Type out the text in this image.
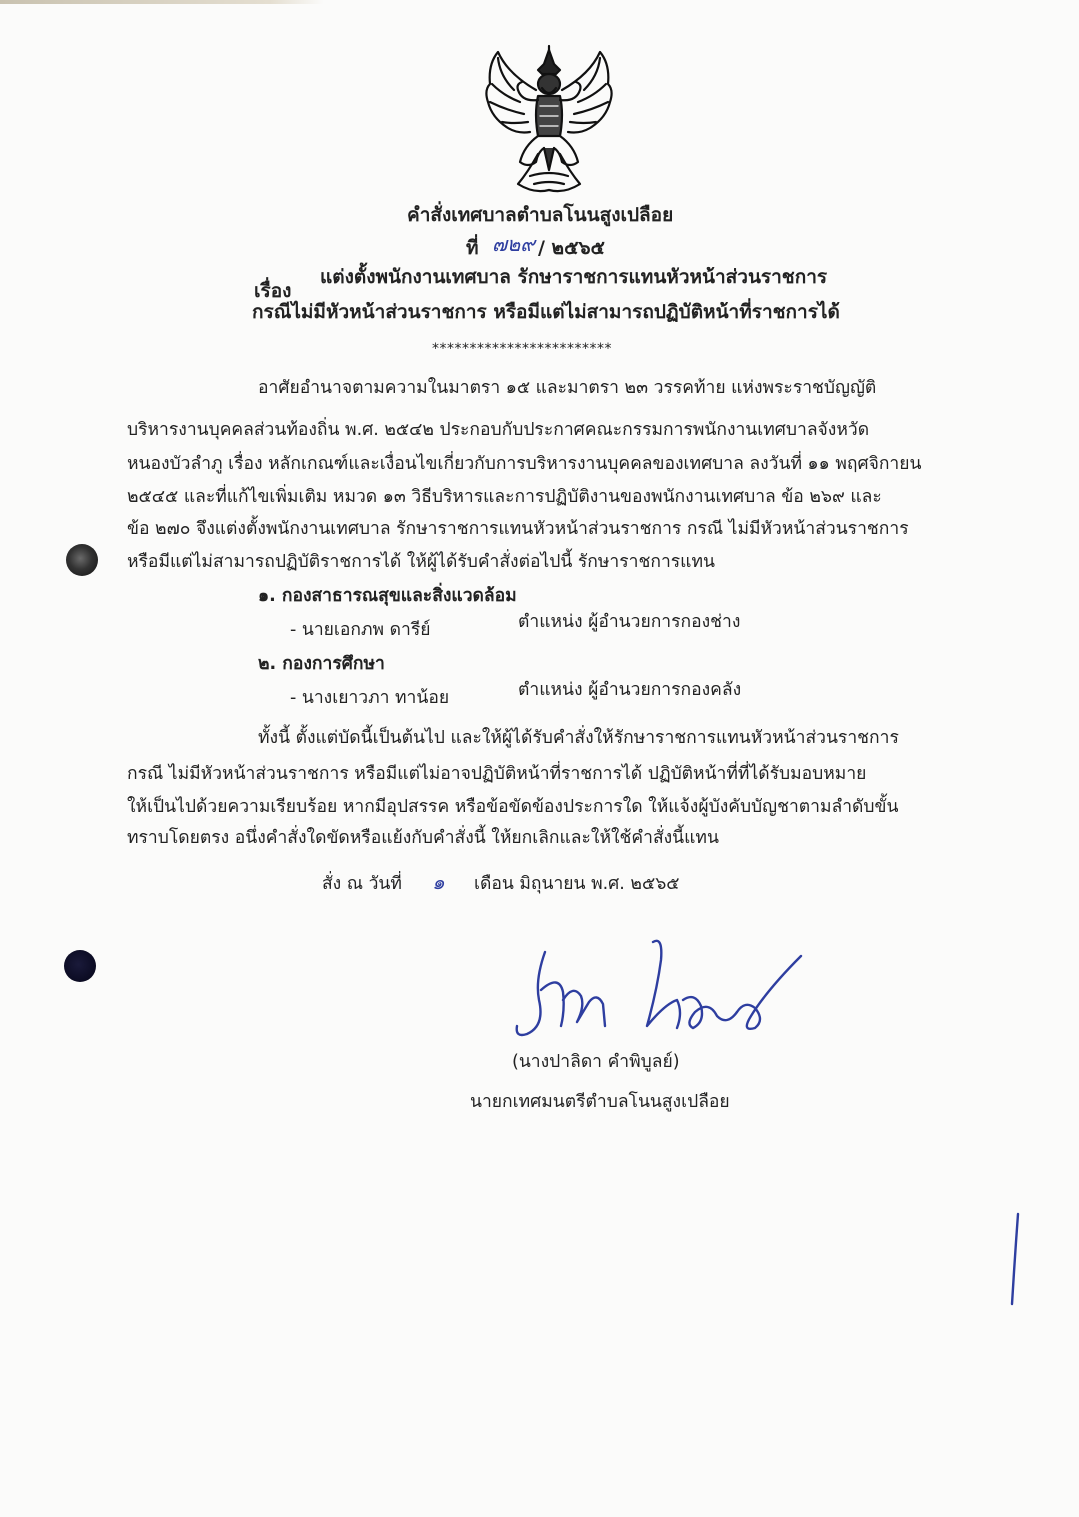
คำสั่งเทศบาลตำบลโนนสูงเปลือย
ที่ ๗๒๙ / ๒๕๖๕
เรื่อง
แต่งตั้งพนักงานเทศบาล รักษาราชการแทนหัวหน้าส่วนราชการ
กรณีไม่มีหัวหน้าส่วนราชการ หรือมีแต่ไม่สามารถปฏิบัติหน้าที่ราชการได้
************************
อาศัยอำนาจตามความในมาตรา ๑๕ และมาตรา ๒๓ วรรคท้าย แห่งพระราชบัญญัติ
บริหารงานบุคคลส่วนท้องถิ่น พ.ศ. ๒๕๔๒ ประกอบกับประกาศคณะกรรมการพนักงานเทศบาลจังหวัด
หนองบัวลำภู เรื่อง หลักเกณฑ์และเงื่อนไขเกี่ยวกับการบริหารงานบุคคลของเทศบาล ลงวันที่ ๑๑ พฤศจิกายน
๒๕๔๕ และที่แก้ไขเพิ่มเติม หมวด ๑๓ วิธีบริหารและการปฏิบัติงานของพนักงานเทศบาล ข้อ ๒๖๙ และ
ข้อ ๒๗๐ จึงแต่งตั้งพนักงานเทศบาล รักษาราชการแทนหัวหน้าส่วนราชการ กรณี ไม่มีหัวหน้าส่วนราชการ
หรือมีแต่ไม่สามารถปฏิบัติราชการได้ ให้ผู้ได้รับคำสั่งต่อไปนี้ รักษาราชการแทน
๑. กองสาธารณสุขและสิ่งแวดล้อม
- นายเอกภพ ดารีย์	ตำแหน่ง ผู้อำนวยการกองช่าง
๒. กองการศึกษา
- นางเยาวภา ทาน้อย	ตำแหน่ง ผู้อำนวยการกองคลัง
ทั้งนี้ ตั้งแต่บัดนี้เป็นต้นไป และให้ผู้ได้รับคำสั่งให้รักษาราชการแทนหัวหน้าส่วนราชการ
กรณี ไม่มีหัวหน้าส่วนราชการ หรือมีแต่ไม่อาจปฏิบัติหน้าที่ราชการได้ ปฏิบัติหน้าที่ที่ได้รับมอบหมาย
ให้เป็นไปด้วยความเรียบร้อย หากมีอุปสรรค หรือข้อขัดข้องประการใด ให้แจ้งผู้บังคับบัญชาตามลำดับขั้น
ทราบโดยตรง อนึ่งคำสั่งใดขัดหรือแย้งกับคำสั่งนี้ ให้ยกเลิกและให้ใช้คำสั่งนี้แทน
สั่ง ณ วันที่ ๑ เดือน มิถุนายน พ.ศ. ๒๕๖๕
(นางปาลิดา คำพิบูลย์)
นายกเทศมนตรีตำบลโนนสูงเปลือย
